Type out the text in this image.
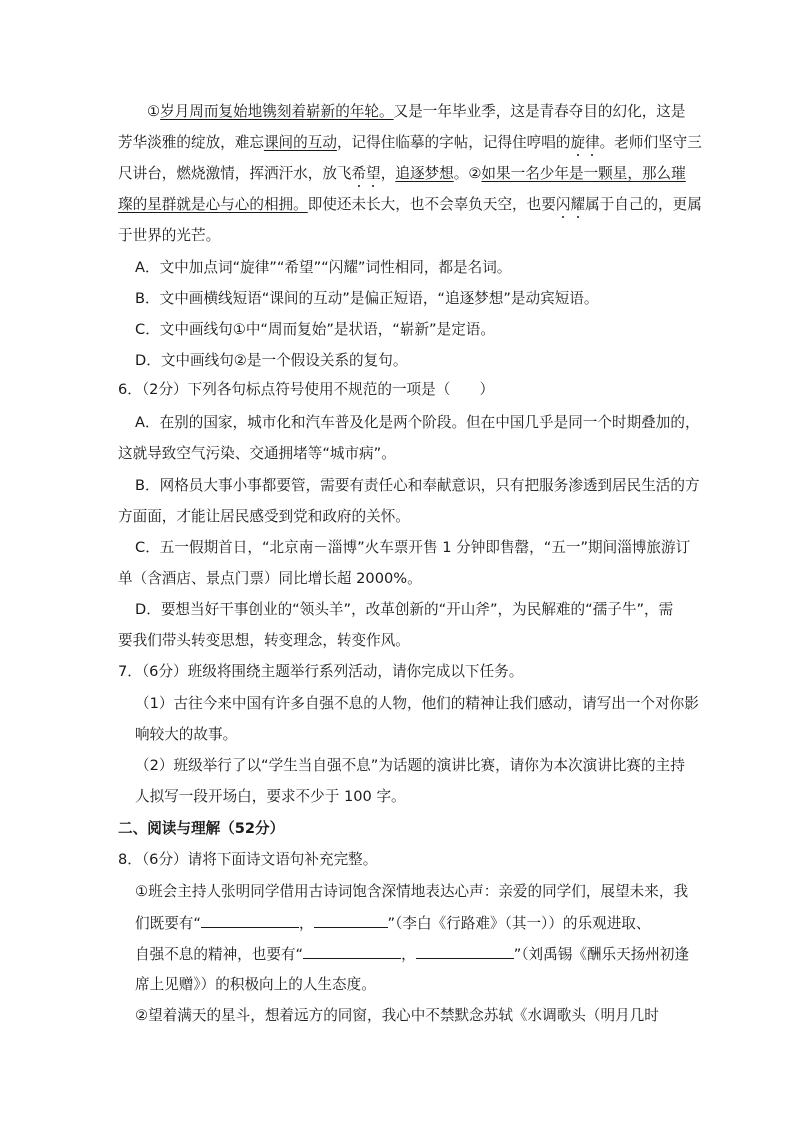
①岁月周而复始地镌刻着崭新的年轮。又是一年毕业季，这是青春夺目的幻化，这是
芳华淡雅的绽放，难忘课间的互动，记得住临摹的字帖，记得住哼唱的旋律。老师们坚守三
尺讲台，燃烧激情，挥洒汗水，放飞希望，追逐梦想。②如果一名少年是一颗星，那么璀
璨的星群就是心与心的相拥。即使还未长大，也不会辜负天空，也要闪耀属于自己的，更属
于世界的光芒。
A．文中加点词“旋律”“希望”“闪耀”词性相同，都是名词。
B．文中画横线短语“课间的互动”是偏正短语，“追逐梦想”是动宾短语。
C．文中画线句①中“周而复始”是状语，“崭新”是定语。
D．文中画线句②是一个假设关系的复句。
6．（2分）下列各句标点符号使用不规范的一项是（　　）
A．在别的国家，城市化和汽车普及化是两个阶段。但在中国几乎是同一个时期叠加的，
这就导致空气污染、交通拥堵等“城市病”。
B．网格员大事小事都要管，需要有责任心和奉献意识，只有把服务渗透到居民生活的方
方面面，才能让居民感受到党和政府的关怀。
C．五一假期首日，“北京南－淄博”火车票开售 1 分钟即售罄，“五一”期间淄博旅游订
单（含酒店、景点门票）同比增长超 2000%。
D．要想当好干事创业的“领头羊”，改革创新的“开山斧”，为民解难的“孺子牛”，需
要我们带头转变思想，转变理念，转变作风。
7．（6分）班级将围绕主题举行系列活动，请你完成以下任务。
（1）古往今来中国有许多自强不息的人物，他们的精神让我们感动，请写出一个对你影
响较大的故事。
（2）班级举行了以“学生当自强不息”为话题的演讲比赛，请你为本次演讲比赛的主持
人拟写一段开场白，要求不少于 100 字。
二、阅读与理解（52分）
8．（6分）请将下面诗文语句补充完整。
①班会主持人张明同学借用古诗词饱含深情地表达心声：亲爱的同学们，展望未来，我
们既要有“	，	”（李白《行路难》（其一））的乐观进取、
自强不息的精神，也要有“	，	”（刘禹锡《酬乐天扬州初逢
席上见赠》）的积极向上的人生态度。
②望着满天的星斗，想着远方的同窗，我心中不禁默念苏轼《水调歌头（明月几时
